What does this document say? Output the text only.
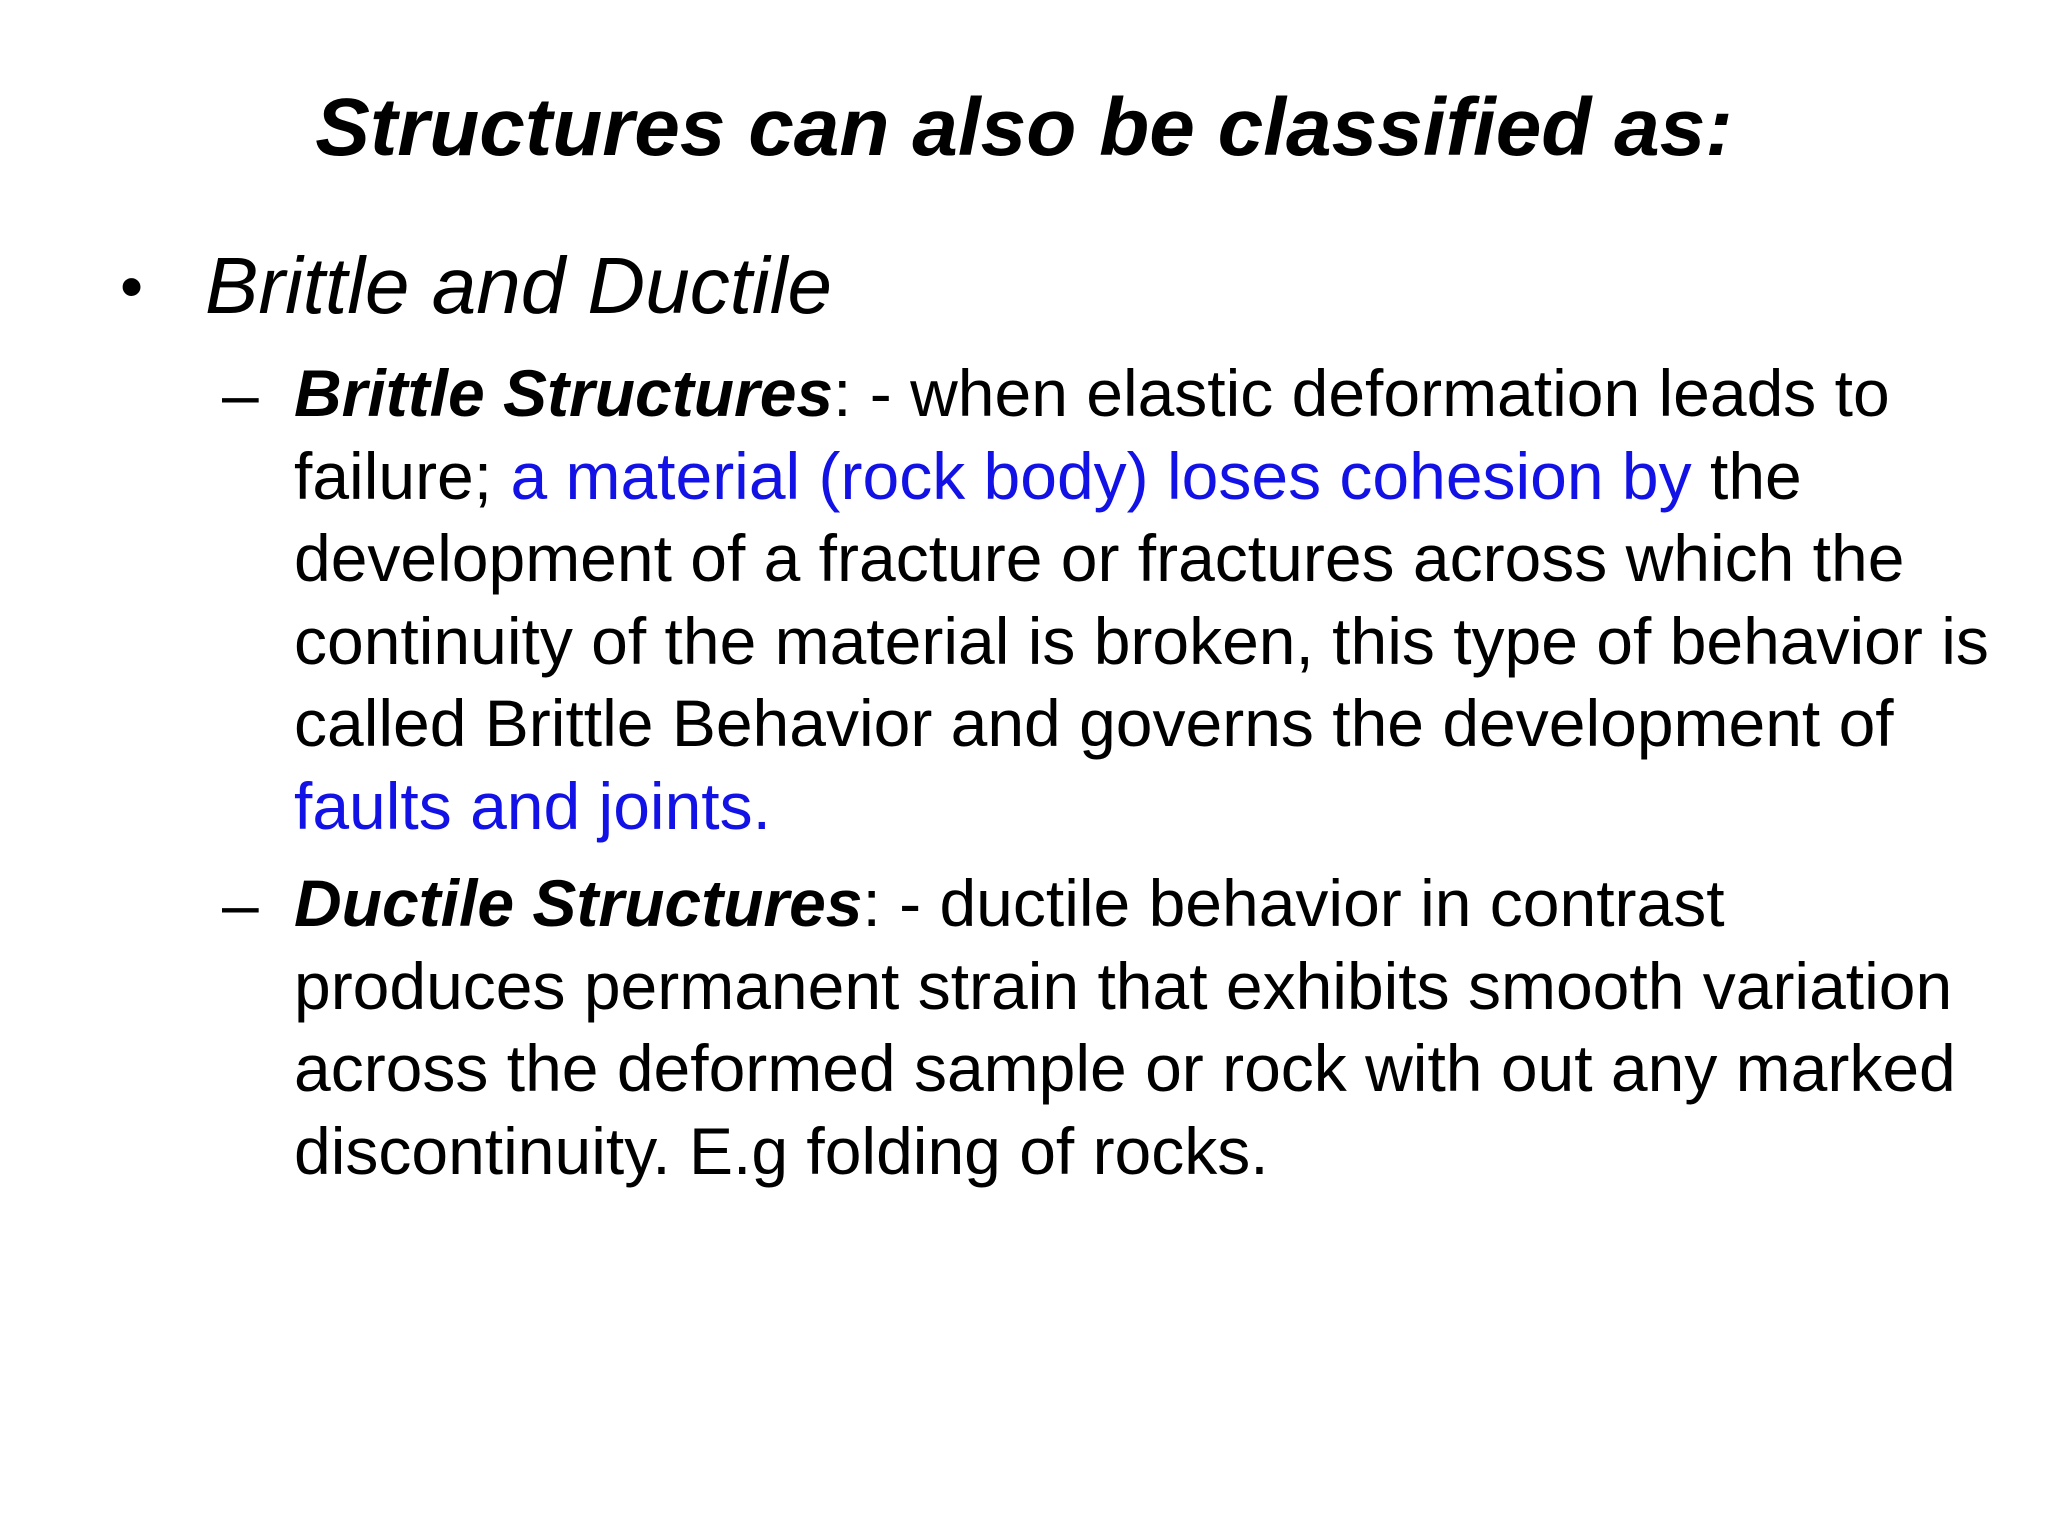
Structures can also be classified as:
• Brittle and Ductile
– Brittle Structures: - when elastic deformation leads to failure; a material (rock body) loses cohesion by the development of a fracture or fractures across which the continuity of the material is broken, this type of behavior is called Brittle Behavior and governs the development of faults and joints.

– Ductile Structures: - ductile behavior in contrast produces permanent strain that exhibits smooth variation across the deformed sample or rock with out any marked discontinuity. E.g folding of rocks.
